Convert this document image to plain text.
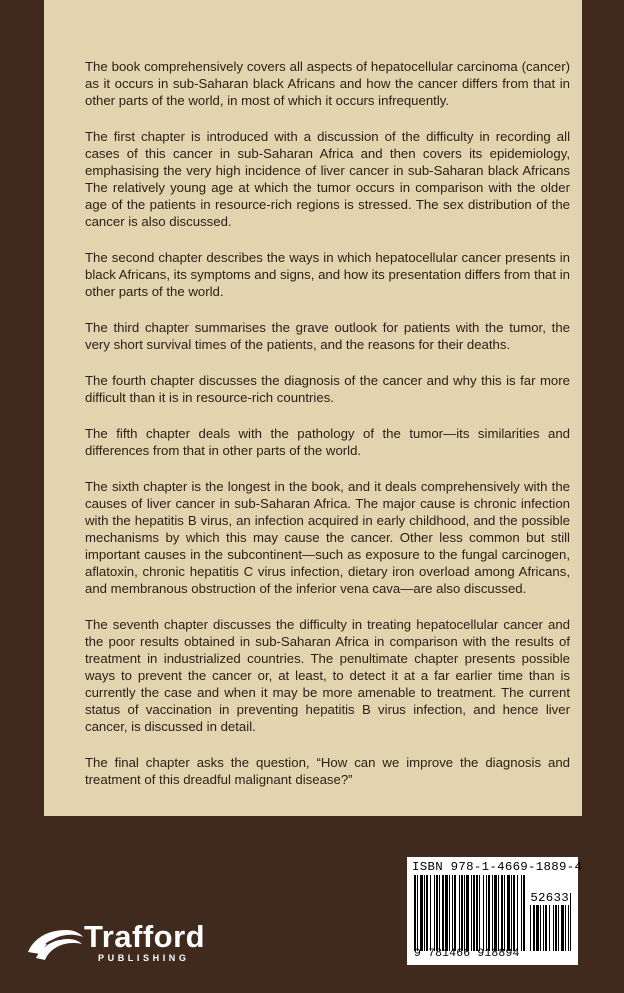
The book comprehensively covers all aspects of hepatocellular carcinoma (cancer) as it occurs in sub-Saharan black Africans and how the cancer differs from that in other parts of the world, in most of which it occurs infrequently.

The first chapter is introduced with a discussion of the difficulty in recording all cases of this cancer in sub-Saharan Africa and then covers its epidemiology, emphasising the very high incidence of liver cancer in sub-Saharan black Africans The relatively young age at which the tumor occurs in comparison with the older age of the patients in resource-rich regions is stressed. The sex distribution of the cancer is also discussed.

The second chapter describes the ways in which hepatocellular cancer presents in black Africans, its symptoms and signs, and how its presentation differs from that in other parts of the world.

The third chapter summarises the grave outlook for patients with the tumor, the very short survival times of the patients, and the reasons for their deaths.

The fourth chapter discusses the diagnosis of the cancer and why this is far more difficult than it is in resource-rich countries.

The fifth chapter deals with the pathology of the tumor—its similarities and differences from that in other parts of the world.

The sixth chapter is the longest in the book, and it deals comprehensively with the causes of liver cancer in sub-Saharan Africa. The major cause is chronic infection with the hepatitis B virus, an infection acquired in early childhood, and the possible mechanisms by which this may cause the cancer. Other less common but still important causes in the subcontinent—such as exposure to the fungal carcinogen, aflatoxin, chronic hepatitis C virus infection, dietary iron overload among Africans, and membranous obstruction of the inferior vena cava—are also discussed.

The seventh chapter discusses the difficulty in treating hepatocellular cancer and the poor results obtained in sub-Saharan Africa in comparison with the results of treatment in industrialized countries. The penultimate chapter presents possible ways to prevent the cancer or, at least, to detect it at a far earlier time than is currently the case and when it may be more amenable to treatment. The current status of vaccination in preventing hepatitis B virus infection, and hence liver cancer, is discussed in detail.

The final chapter asks the question, “How can we improve the diagnosis and treatment of this dreadful malignant disease?”

Trafford
PUBLISHING
ISBN 978-1-4669-1889-4
52633
9 781466 918894
